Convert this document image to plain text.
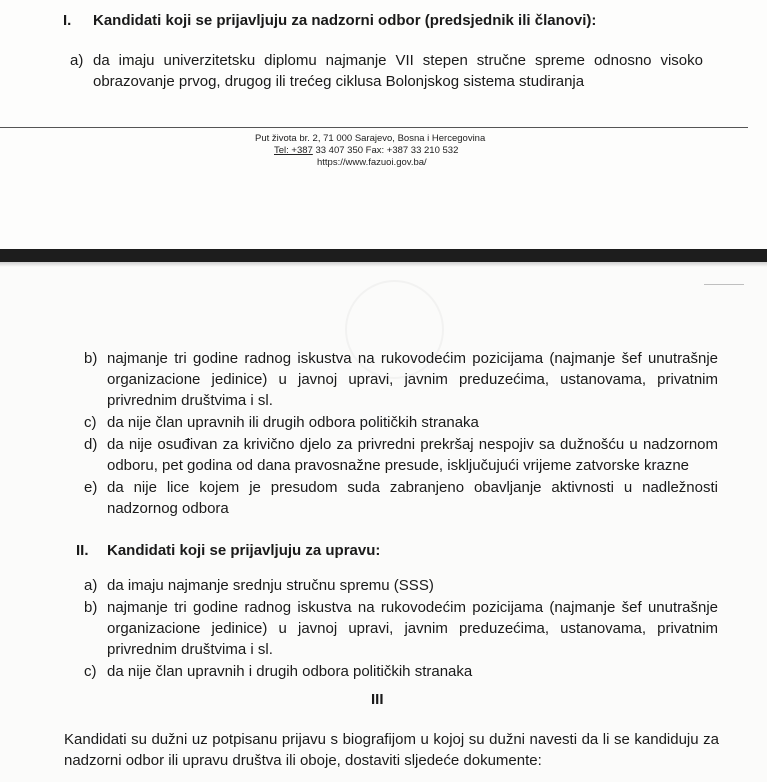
I. Kandidati koji se prijavljuju za nadzorni odbor (predsjednik ili članovi):
a) da imaju univerzitetsku diplomu najmanje VII stepen stručne spreme odnosno visoko
obrazovanje prvog, drugog ili trećeg ciklusa Bolonjskog sistema studiranja
Put života br. 2, 71 000 Sarajevo, Bosna i Hercegovina
Tel: +387 33 407 350 Fax: +387 33 210 532
https://www.fazuoi.gov.ba/
b) najmanje tri godine radnog iskustva na rukovodećim pozicijama (najmanje šef unutrašnje
organizacione jedinice) u javnoj upravi, javnim preduzećima, ustanovama, privatnim
privrednim društvima i sl.
c) da nije član upravnih ili drugih odbora političkih stranaka
d) da nije osuđivan za krivično djelo za privredni prekršaj nespojiv sa dužnošću u nadzornom
odboru, pet godina od dana pravosnažne presude, isključujući vrijeme zatvorske krazne
e) da nije lice kojem je presudom suda zabranjeno obavljanje aktivnosti u nadležnosti
nadzornog odbora
II. Kandidati koji se prijavljuju za upravu:
a) da imaju najmanje srednju stručnu spremu (SSS)
b) najmanje tri godine radnog iskustva na rukovodećim pozicijama (najmanje šef unutrašnje
organizacione jedinice) u javnoj upravi, javnim preduzećima, ustanovama, privatnim
privrednim društvima i sl.
c) da nije član upravnih i drugih odbora političkih stranaka
III
Kandidati su dužni uz potpisanu prijavu s biografijom u kojoj su dužni navesti da li se kandiduju za
nadzorni odbor ili upravu društva ili oboje, dostaviti sljedeće dokumente:
